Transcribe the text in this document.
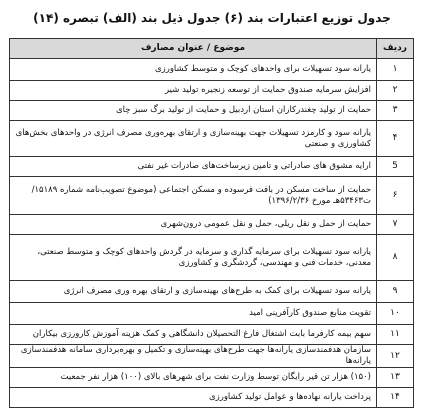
جدول توزيع اعتبارات بند (۶) جدول ذيل بند (الف) تبصره (۱۴)
رديف	موضوع / عنوان مصارف
۱	يارانه سود تسهيلات براى واحدهاى كوچک و متوسط كشاورزى
۲	افزايش سرمايه صندوق حمايت از توسعه زنجيره توليد شير
۳	حمايت از توليد چغندركاران استان اردبيل و حمايت از توليد برگ سبز چاى
۴	يارانه سود و كارمزد تسهيلات جهت بهينه‌سازى و ارتقاى بهره‌ورى مصرف انرژى در واحدهاى بخش‌هاى كشاورزى و صنعتى
5	ارايه مشوق هاى صادراتى و تامين زيرساخت‌هاى صادرات غير نفتى
۶	حمايت از ساخت مسكن در بافت فرسوده و مسكن اجتماعى (موضوع تصويب‌نامه شماره ۱۵۱۸۹/ت۵۳۴۶۳هـ مورخ ۱۳۹۶/۲/۳۶)
۷	حمايت از حمل و نقل ريلى، حمل و نقل عمومى درون‌شهرى
۸	يارانه سود تسهيلات براى سرمايه گذارى و سرمايه در گردش واحدهاى كوچک و متوسط صنعتى، معدنى، خدمات فنى و مهندسى، گردشگرى و كشاورزى
۹	يارانه سود تسهيلات براى كمک به طرح‌هاى بهينه‌سازى و ارتقاى بهره ورى مصرف انرژى
۱۰	تقويت منابع صندوق كارآفرينى اميد
۱۱	سهم بيمه كارفرما بابت اشتغال فارغ التحصيلان دانشگاهى و كمک هزينه آموزش كارورزى بيكاران
۱۲	سازمان هدفمندسازى يارانه‌ها جهت طرح‌هاى بهينه‌سازى و تكميل و بهره‌بردارى سامانه هدفمندسازى يارانه‌ها
۱۳	(۱۵۰) هزار تن قير رايگان توسط وزارت نفت براى شهرهاى بالاى (۱۰۰) هزار نفر جمعيت
۱۴	پرداخت يارانه نهاده‌ها و عوامل توليد كشاورزى
